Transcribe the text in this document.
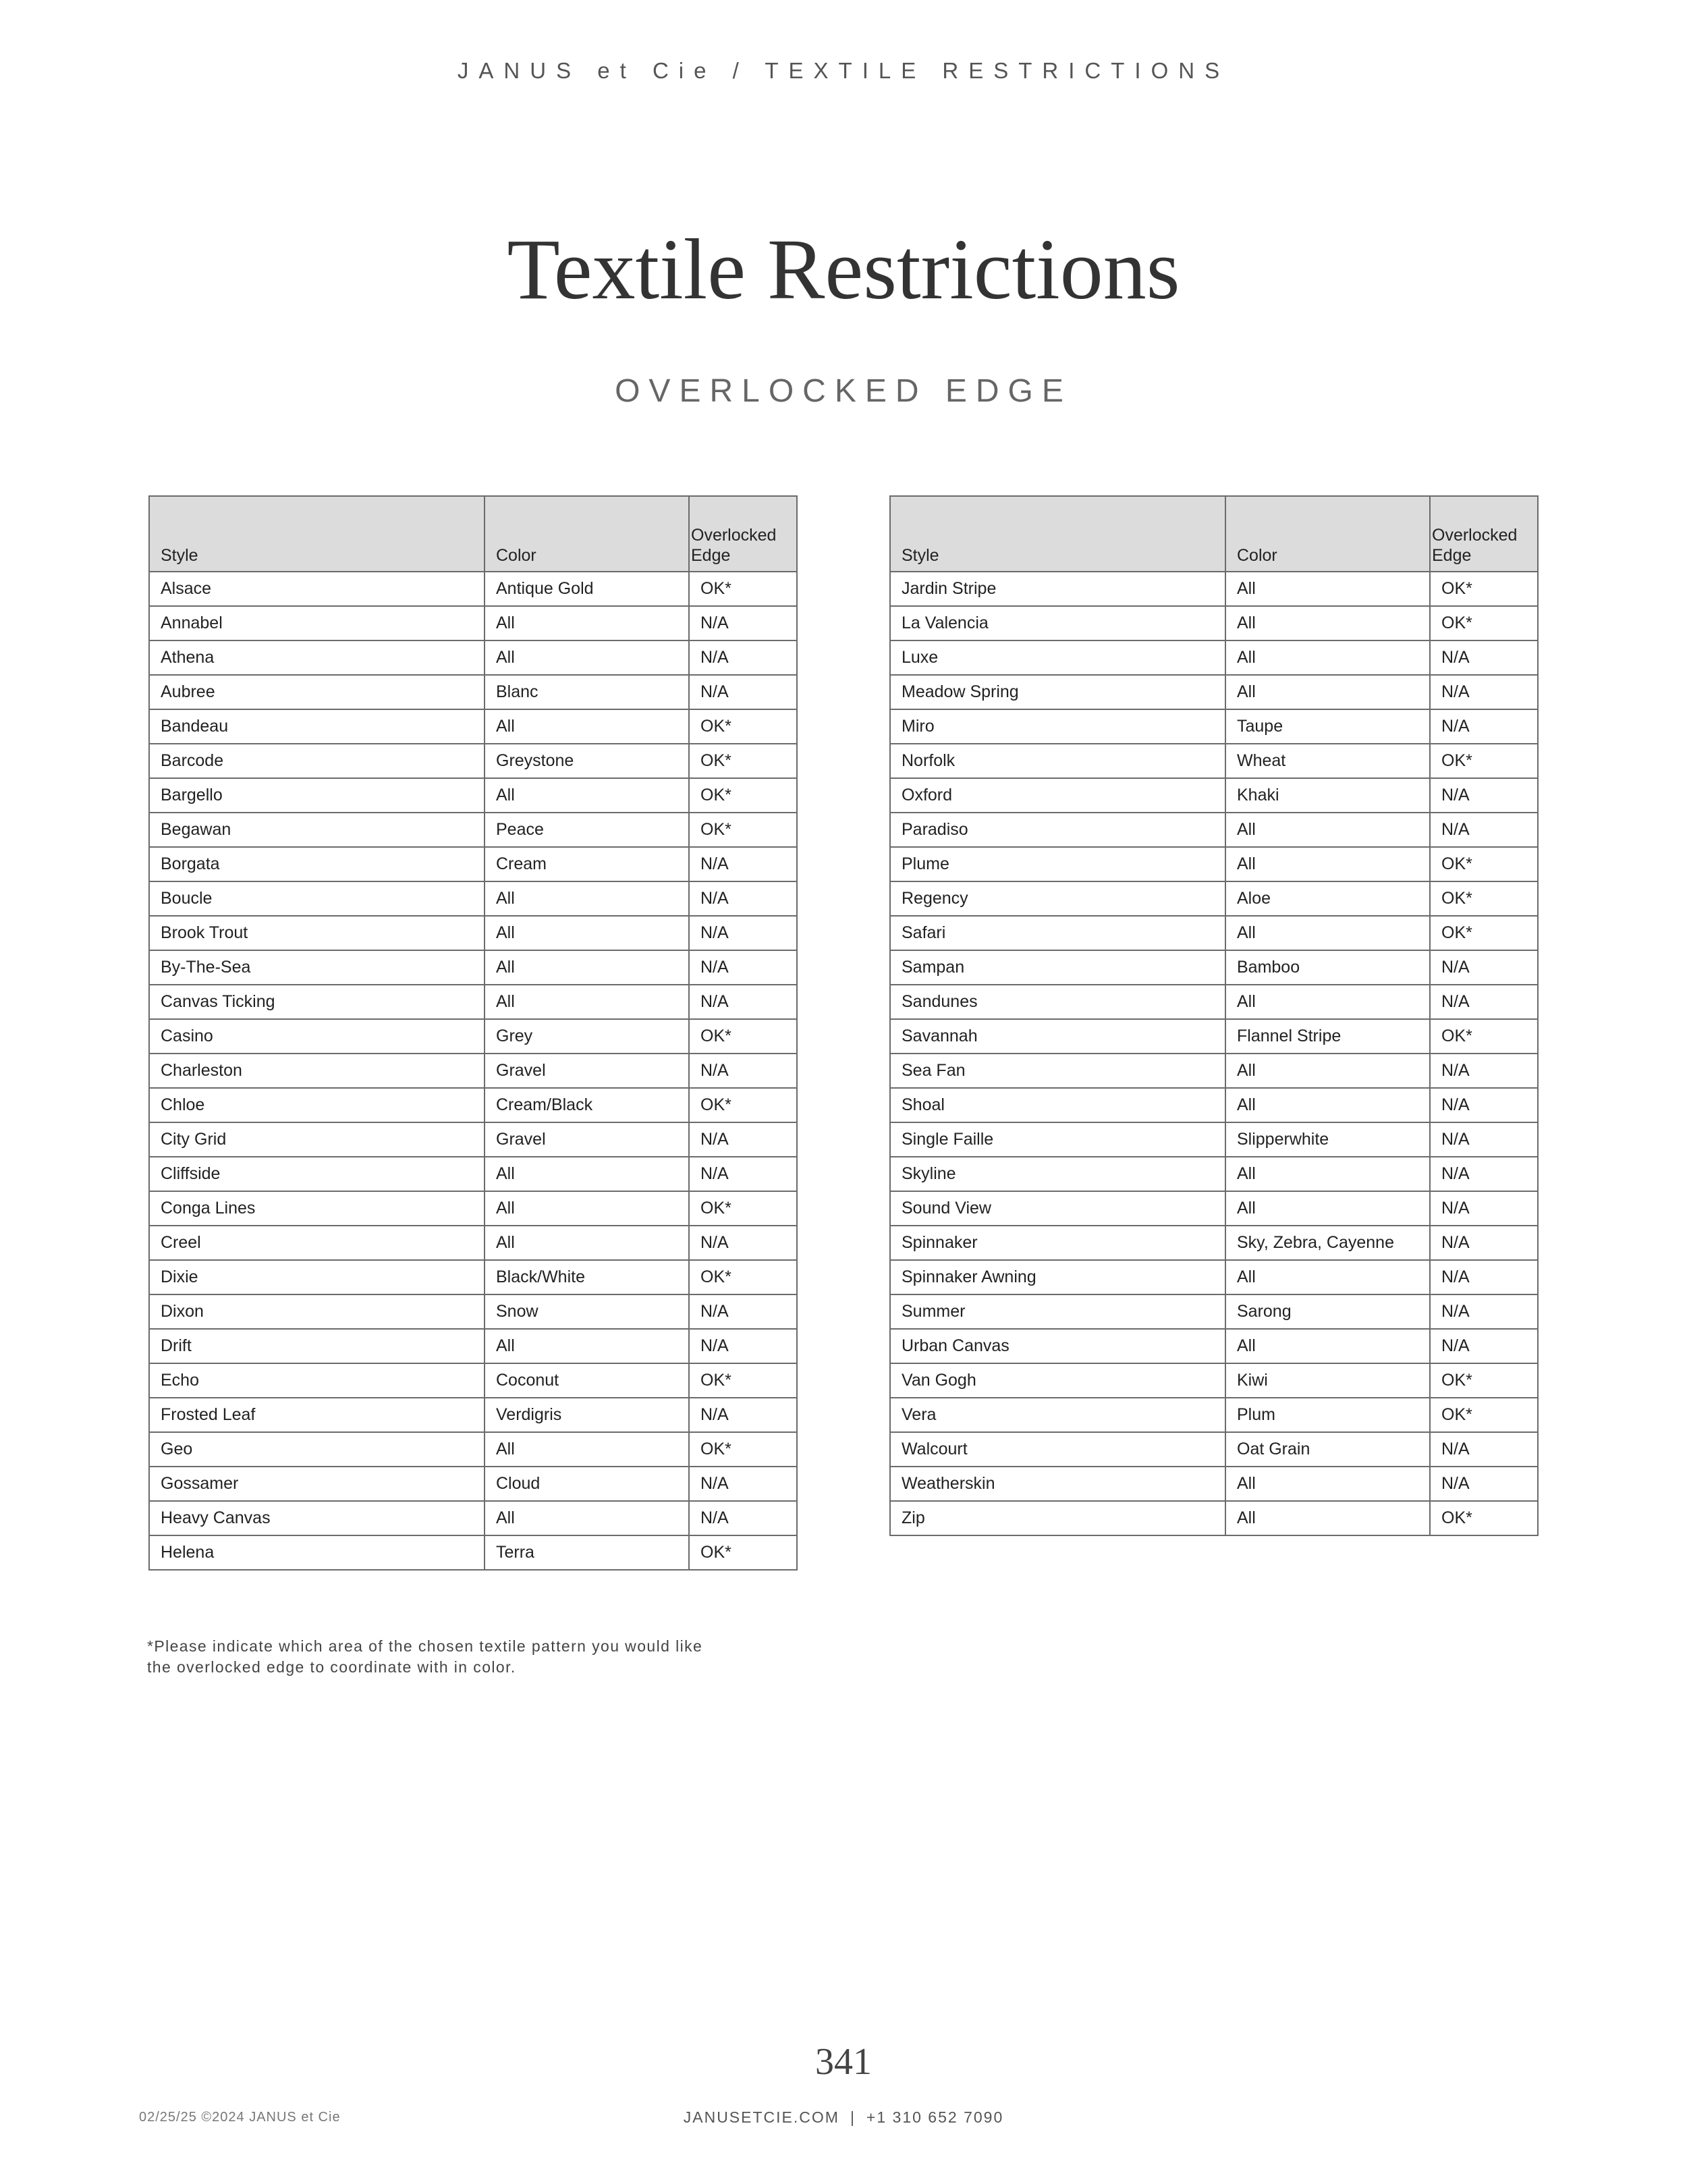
JANUS et Cie / TEXTILE RESTRICTIONS
Textile Restrictions
OVERLOCKED EDGE
Style	Color	Overlocked
Edge
Alsace	Antique Gold	OK*
Annabel	All	N/A
Athena	All	N/A
Aubree	Blanc	N/A
Bandeau	All	OK*
Barcode	Greystone	OK*
Bargello	All	OK*
Begawan	Peace	OK*
Borgata	Cream	N/A
Boucle	All	N/A
Brook Trout	All	N/A
By-The-Sea	All	N/A
Canvas Ticking	All	N/A
Casino	Grey	OK*
Charleston	Gravel	N/A
Chloe	Cream/Black	OK*
City Grid	Gravel	N/A
Cliffside	All	N/A
Conga Lines	All	OK*
Creel	All	N/A
Dixie	Black/White	OK*
Dixon	Snow	N/A
Drift	All	N/A
Echo	Coconut	OK*
Frosted Leaf	Verdigris	N/A
Geo	All	OK*
Gossamer	Cloud	N/A
Heavy Canvas	All	N/A
Helena	Terra	OK*
Style	Color	Overlocked
Edge
Jardin Stripe	All	OK*
La Valencia	All	OK*
Luxe	All	N/A
Meadow Spring	All	N/A
Miro	Taupe	N/A
Norfolk	Wheat	OK*
Oxford	Khaki	N/A
Paradiso	All	N/A
Plume	All	OK*
Regency	Aloe	OK*
Safari	All	OK*
Sampan	Bamboo	N/A
Sandunes	All	N/A
Savannah	Flannel Stripe	OK*
Sea Fan	All	N/A
Shoal	All	N/A
Single Faille	Slipperwhite	N/A
Skyline	All	N/A
Sound View	All	N/A
Spinnaker	Sky, Zebra, Cayenne	N/A
Spinnaker Awning	All	N/A
Summer	Sarong	N/A
Urban Canvas	All	N/A
Van Gogh	Kiwi	OK*
Vera	Plum	OK*
Walcourt	Oat Grain	N/A
Weatherskin	All	N/A
Zip	All	OK*
*Please indicate which area of the chosen textile pattern you would like
the overlocked edge to coordinate with in color.
341
02/25/25 ©2024 JANUS et Cie	JANUSETCIE.COM | +1 310 652 7090
